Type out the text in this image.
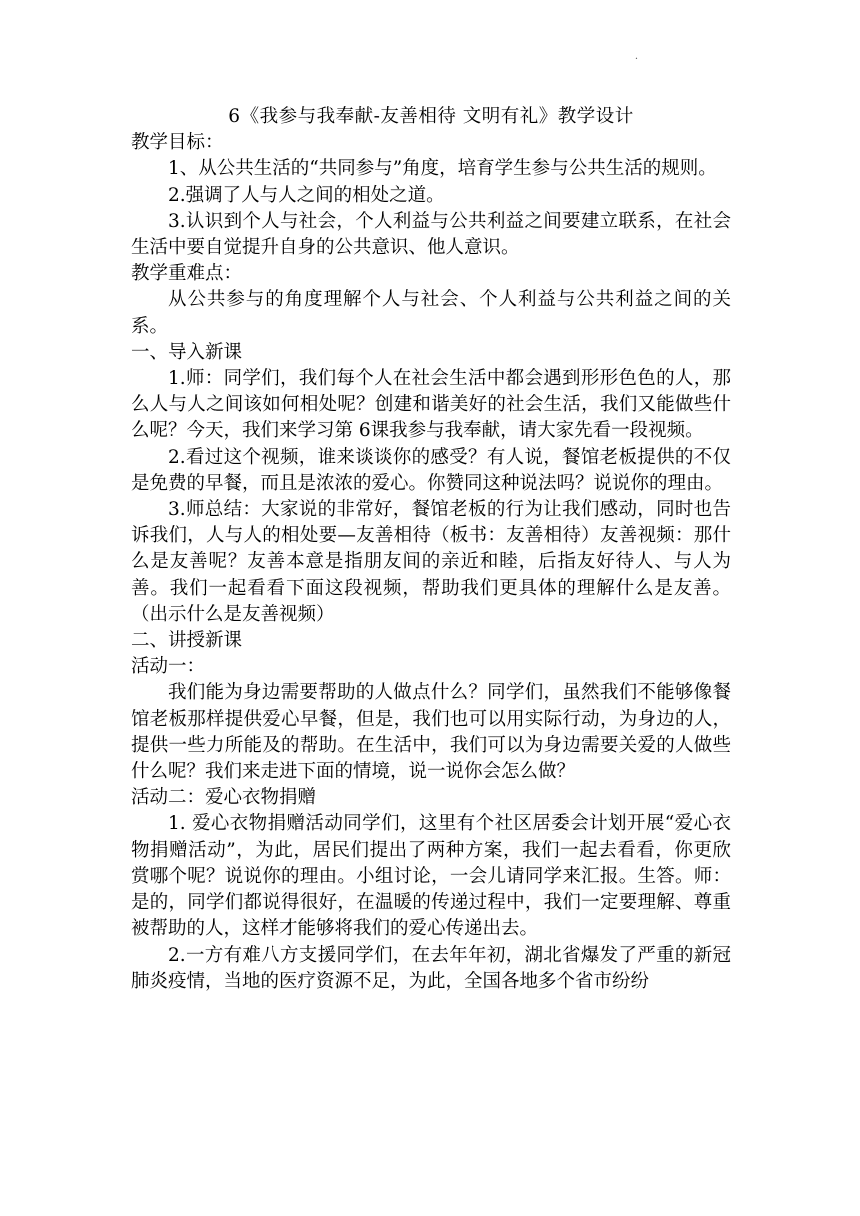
.

6《我参与我奉献-友善相待 文明有礼》教学设计

教学目标：

1、从公共生活的“共同参与”角度，培育学生参与公共生活的规则。

2.强调了人与人之间的相处之道。

3.认识到个人与社会，个人利益与公共利益之间要建立联系，在社会生活中要自觉提升自身的公共意识、他人意识。

教学重难点：

从公共参与的角度理解个人与社会、个人利益与公共利益之间的关系。

一、导入新课

1.师：同学们，我们每个人在社会生活中都会遇到形形色色的人，那么人与人之间该如何相处呢？创建和谐美好的社会生活，我们又能做些什么呢？今天，我们来学习第 6课我参与我奉献，请大家先看一段视频。

2.看过这个视频，谁来谈谈你的感受？有人说，餐馆老板提供的不仅是免费的早餐，而且是浓浓的爱心。你赞同这种说法吗？说说你的理由。

3.师总结：大家说的非常好，餐馆老板的行为让我们感动，同时也告诉我们，人与人的相处要—友善相待（板书：友善相待）友善视频：那什么是友善呢？友善本意是指朋友间的亲近和睦，后指友好待人、与人为善。我们一起看看下面这段视频，帮助我们更具体的理解什么是友善。（出示什么是友善视频）

二、讲授新课

活动一：

我们能为身边需要帮助的人做点什么？同学们，虽然我们不能够像餐馆老板那样提供爱心早餐，但是，我们也可以用实际行动，为身边的人，提供一些力所能及的帮助。在生活中，我们可以为身边需要关爱的人做些什么呢？我们来走进下面的情境，说一说你会怎么做？

活动二：爱心衣物捐赠

1. 爱心衣物捐赠活动同学们，这里有个社区居委会计划开展“爱心衣物捐赠活动”，为此，居民们提出了两种方案，我们一起去看看，你更欣赏哪个呢？说说你的理由。小组讨论，一会儿请同学来汇报。生答。师：是的，同学们都说得很好，在温暖的传递过程中，我们一定要理解、尊重被帮助的人，这样才能够将我们的爱心传递出去。

2.一方有难八方支援同学们，在去年年初，湖北省爆发了严重的新冠肺炎疫情，当地的医疗资源不足，为此，全国各地多个省市纷纷
